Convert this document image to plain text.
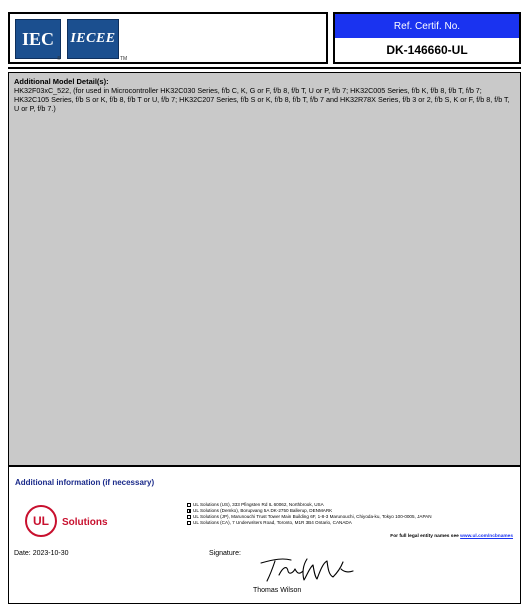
IEC
®
IECEE
TM
Ref. Certif. No.
DK-146660-UL
Additional Model Detail(s):
HK32F03xC_522, (for used in Microcontroller HK32C030 Series, f/b C, K, G or F, f/b 8, f/b T, U or P, f/b 7; HK32C005 Series, f/b K, f/b 8, f/b T, f/b 7; HK32C105 Series, f/b S or K, f/b 8, f/b T or U, f/b 7; HK32C207 Series, f/b S or K, f/b 8, f/b T, f/b 7 and HK32R78X Series, f/b 3 or 2, f/b S, K or F, f/b 8, f/b T, U or P, f/b 7.)
Additional information (if necessary)
UL Solutions
UL Solutions (US), 333 Pfingsten Rd IL 60062, Northbrook, USA
UL Solutions (Demko), Borupvang 5A DK-2750 Ballerup, DENMARK
UL Solutions (JP), Marunouchi Trust Tower Main Building 6F, 1-8-3 Marunouchi, Chiyoda-ku, Tokyo 100-0005, JAPAN
UL Solutions (CA), 7 Underwriters Road, Toronto, M1R 3B4 Ontario, CANADA
For full legal entity names see www.ul.com/ncbnames
Date: 2023-10-30	Signature:
Thomas Wilson
